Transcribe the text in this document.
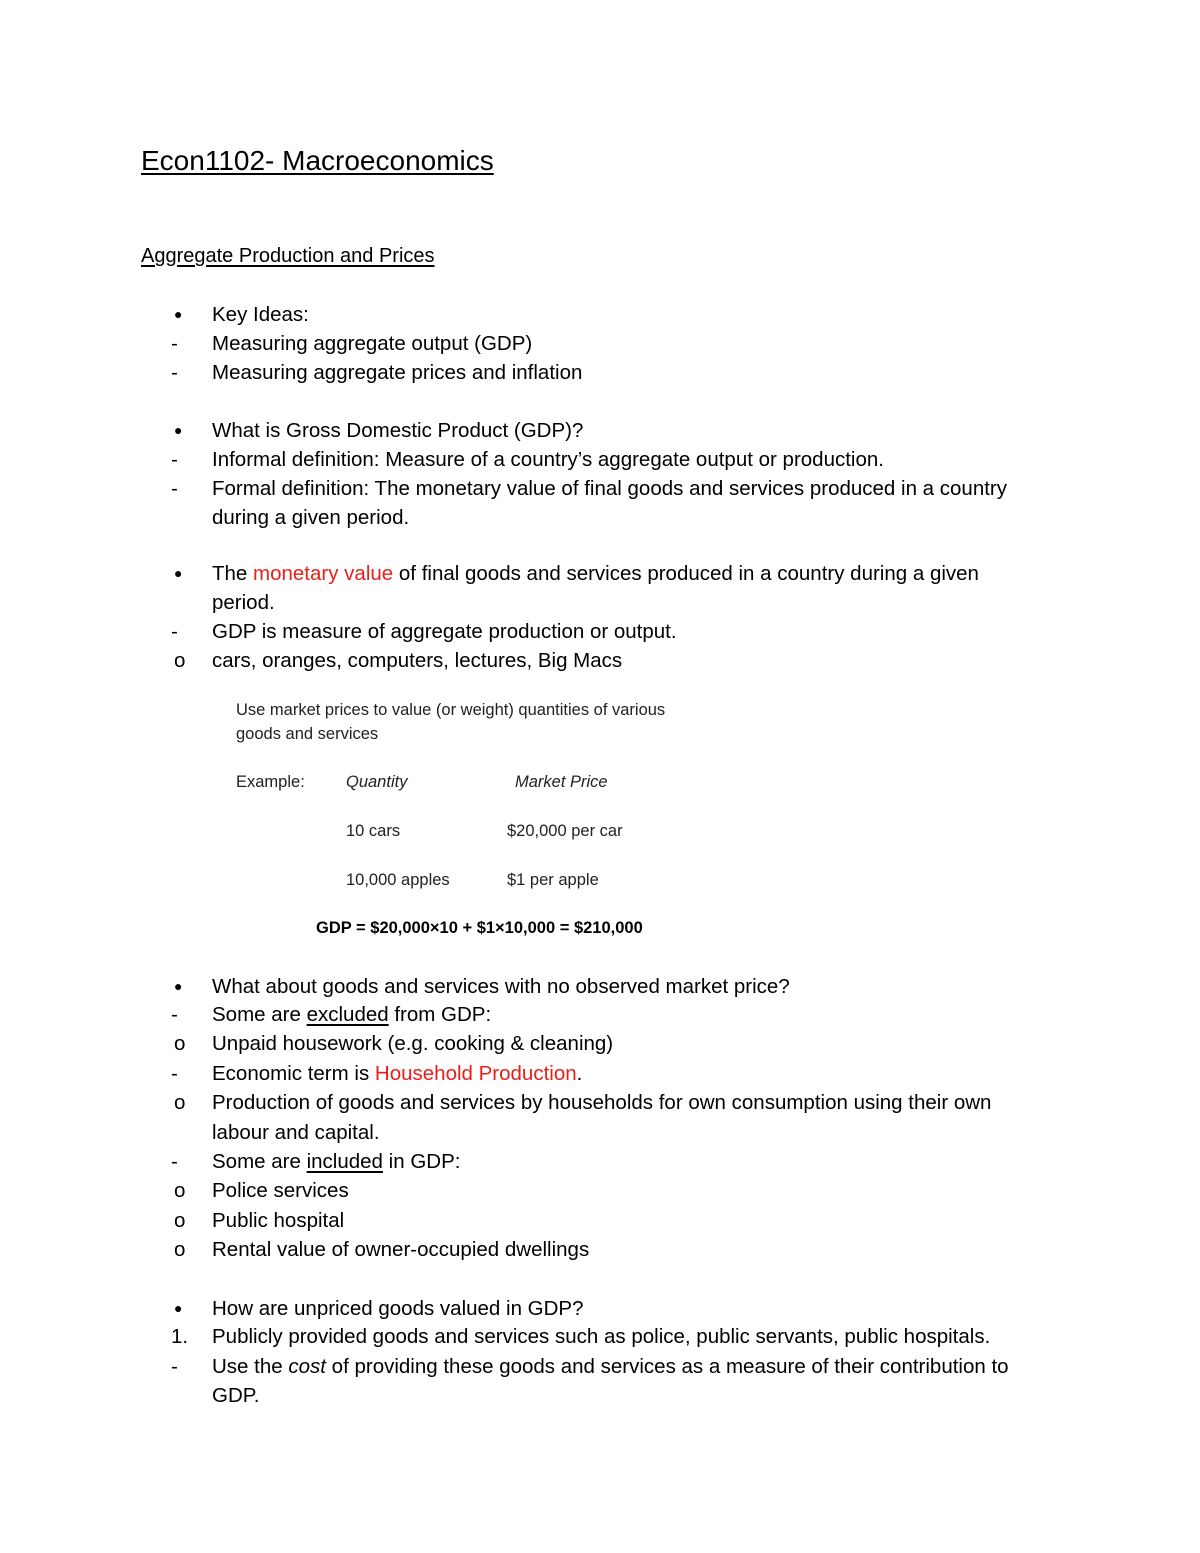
Econ1102- Macroeconomics
Aggregate Production and Prices
●	Key Ideas:
-	Measuring aggregate output (GDP)
-	Measuring aggregate prices and inflation
●	What is Gross Domestic Product (GDP)?
-	Informal definition: Measure of a country’s aggregate output or production.
-	Formal definition: The monetary value of final goods and services produced in a country
during a given period.
●	The monetary value of final goods and services produced in a country during a given
period.
-	GDP is measure of aggregate production or output.
o	cars, oranges, computers, lectures, Big Macs
Use market prices to value (or weight) quantities of various
goods and services
Example: Quantity	Market Price
10 cars	$20,000 per car
10,000 apples	$1 per apple
GDP = $20,000×10 + $1×10,000 = $210,000
●	What about goods and services with no observed market price?
-	Some are excluded from GDP:
o	Unpaid housework (e.g. cooking & cleaning)
-	Economic term is Household Production.
o	Production of goods and services by households for own consumption using their own
labour and capital.
-	Some are included in GDP:
o	Police services
o	Public hospital
o	Rental value of owner-occupied dwellings
●	How are unpriced goods valued in GDP?
1.	Publicly provided goods and services such as police, public servants, public hospitals.
-	Use the cost of providing these goods and services as a measure of their contribution to
GDP.
